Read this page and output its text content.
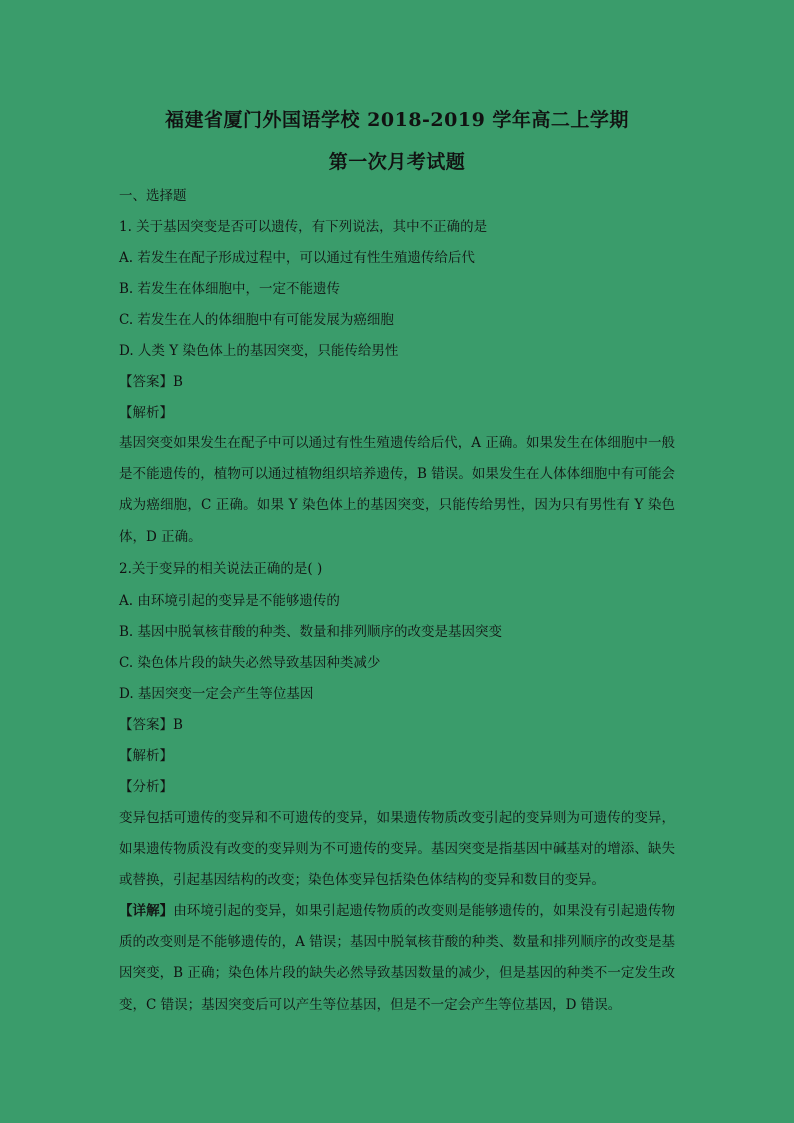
福建省厦门外国语学校 2018-2019 学年高二上学期
第一次月考试题
一、选择题
1. 关于基因突变是否可以遗传，有下列说法，其中不正确的是
A. 若发生在配子形成过程中，可以通过有性生殖遗传给后代
B. 若发生在体细胞中，一定不能遗传
C. 若发生在人的体细胞中有可能发展为癌细胞
D. 人类 Y 染色体上的基因突变，只能传给男性
【答案】B
【解析】
基因突变如果发生在配子中可以通过有性生殖遗传给后代，A 正确。如果发生在体细胞中一般是不能遗传的，植物可以通过植物组织培养遗传，B 错误。如果发生在人体体细胞中有可能会成为癌细胞，C 正确。如果 Y 染色体上的基因突变，只能传给男性，因为只有男性有 Y 染色体，D 正确。
2.关于变异的相关说法正确的是( )
A. 由环境引起的变异是不能够遗传的
B. 基因中脱氧核苷酸的种类、数量和排列顺序的改变是基因突变
C. 染色体片段的缺失必然导致基因种类减少
D. 基因突变一定会产生等位基因
【答案】B
【解析】
【分析】
变异包括可遗传的变异和不可遗传的变异，如果遗传物质改变引起的变异则为可遗传的变异，如果遗传物质没有改变的变异则为不可遗传的变异。基因突变是指基因中碱基对的增添、缺失或替换，引起基因结构的改变；染色体变异包括染色体结构的变异和数目的变异。
【详解】由环境引起的变异，如果引起遗传物质的改变则是能够遗传的，如果没有引起遗传物质的改变则是不能够遗传的，A 错误；基因中脱氧核苷酸的种类、数量和排列顺序的改变是基因突变，B 正确；染色体片段的缺失必然导致基因数量的减少，但是基因的种类不一定发生改变，C 错误；基因突变后可以产生等位基因，但是不一定会产生等位基因，D 错误。
